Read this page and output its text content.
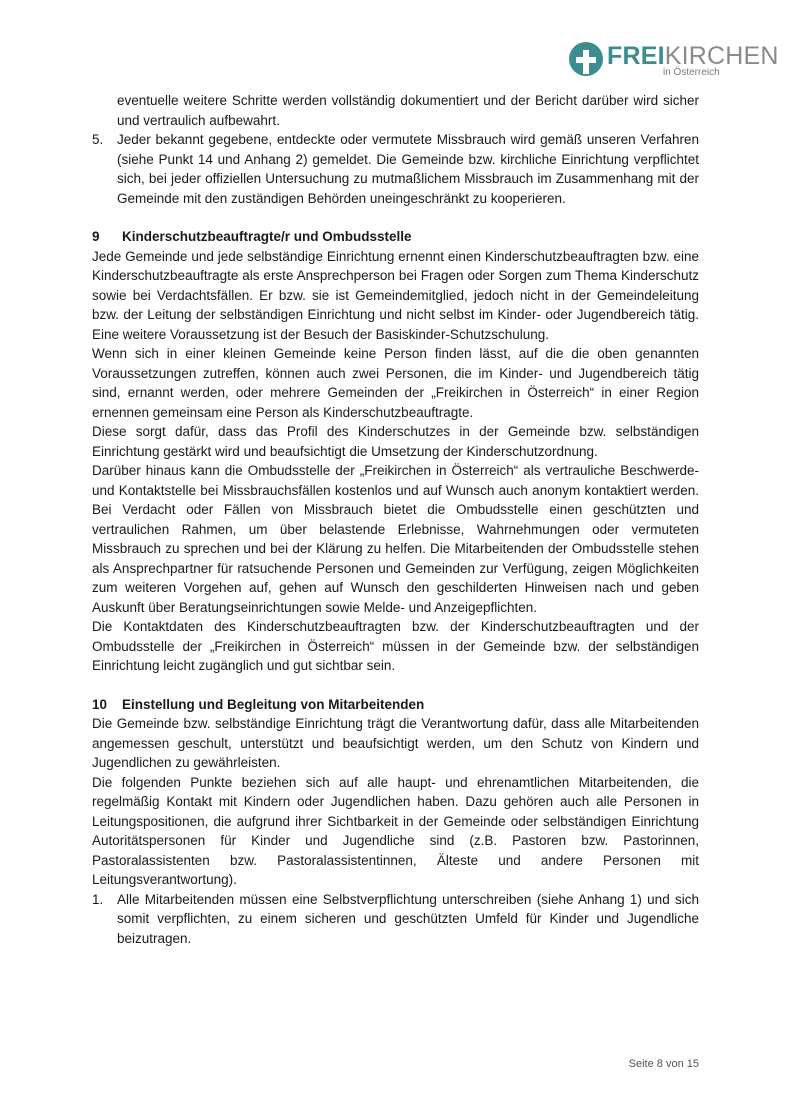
FREIKIRCHEN
in Österreich

eventuelle weitere Schritte werden vollständig dokumentiert und der Bericht darüber wird sicher und vertraulich aufbewahrt.

5. Jeder bekannt gegebene, entdeckte oder vermutete Missbrauch wird gemäß unseren Verfahren (siehe Punkt 14 und Anhang 2) gemeldet. Die Gemeinde bzw. kirchliche Einrichtung verpflichtet sich, bei jeder offiziellen Untersuchung zu mutmaßlichem Missbrauch im Zusammenhang mit der Gemeinde mit den zuständigen Behörden uneingeschränkt zu kooperieren.
9	Kinderschutzbeauftragte/r und Ombudsstelle

Jede Gemeinde und jede selbständige Einrichtung ernennt einen Kinderschutzbeauftragten bzw. eine Kinderschutzbeauftragte als erste Ansprechperson bei Fragen oder Sorgen zum Thema Kinderschutz sowie bei Verdachtsfällen. Er bzw. sie ist Gemeindemitglied, jedoch nicht in der Gemeindeleitung bzw. der Leitung der selbständigen Einrichtung und nicht selbst im Kinder- oder Jugendbereich tätig. Eine weitere Voraussetzung ist der Besuch der Basiskinder-Schutzschulung.

Wenn sich in einer kleinen Gemeinde keine Person finden lässt, auf die die oben genannten Voraussetzungen zutreffen, können auch zwei Personen, die im Kinder- und Jugendbereich tätig sind, ernannt werden, oder mehrere Gemeinden der „Freikirchen in Österreich“ in einer Region ernennen gemeinsam eine Person als Kinderschutzbeauftragte.

Diese sorgt dafür, dass das Profil des Kinderschutzes in der Gemeinde bzw. selbständigen Einrichtung gestärkt wird und beaufsichtigt die Umsetzung der Kinderschutzordnung.

Darüber hinaus kann die Ombudsstelle der „Freikirchen in Österreich“ als vertrauliche Beschwerde- und Kontaktstelle bei Missbrauchsfällen kostenlos und auf Wunsch auch anonym kontaktiert werden. Bei Verdacht oder Fällen von Missbrauch bietet die Ombudsstelle einen geschützten und vertraulichen Rahmen, um über belastende Erlebnisse, Wahrnehmungen oder vermuteten Missbrauch zu sprechen und bei der Klärung zu helfen. Die Mitarbeitenden der Ombudsstelle stehen als Ansprechpartner für ratsuchende Personen und Gemeinden zur Verfügung, zeigen Möglichkeiten zum weiteren Vorgehen auf, gehen auf Wunsch den geschilderten Hinweisen nach und geben Auskunft über Beratungseinrichtungen sowie Melde- und Anzeigepflichten.

Die Kontaktdaten des Kinderschutzbeauftragten bzw. der Kinderschutzbeauftragten und der Ombudsstelle der „Freikirchen in Österreich“ müssen in der Gemeinde bzw. der selbständigen Einrichtung leicht zugänglich und gut sichtbar sein.

10	Einstellung und Begleitung von Mitarbeitenden

Die Gemeinde bzw. selbständige Einrichtung trägt die Verantwortung dafür, dass alle Mitarbeitenden angemessen geschult, unterstützt und beaufsichtigt werden, um den Schutz von Kindern und Jugendlichen zu gewährleisten.

Die folgenden Punkte beziehen sich auf alle haupt- und ehrenamtlichen Mitarbeitenden, die regelmäßig Kontakt mit Kindern oder Jugendlichen haben. Dazu gehören auch alle Personen in Leitungspositionen, die aufgrund ihrer Sichtbarkeit in der Gemeinde oder selbständigen Einrichtung Autoritätspersonen für Kinder und Jugendliche sind (z.B. Pastoren bzw. Pastorinnen, Pastoralassistenten bzw. Pastoralassistentinnen, Älteste und andere Personen mit Leitungsverantwortung).

1. Alle Mitarbeitenden müssen eine Selbstverpflichtung unterschreiben (siehe Anhang 1) und sich somit verpflichten, zu einem sicheren und geschützten Umfeld für Kinder und Jugendliche beizutragen.
Seite 8 von 15
